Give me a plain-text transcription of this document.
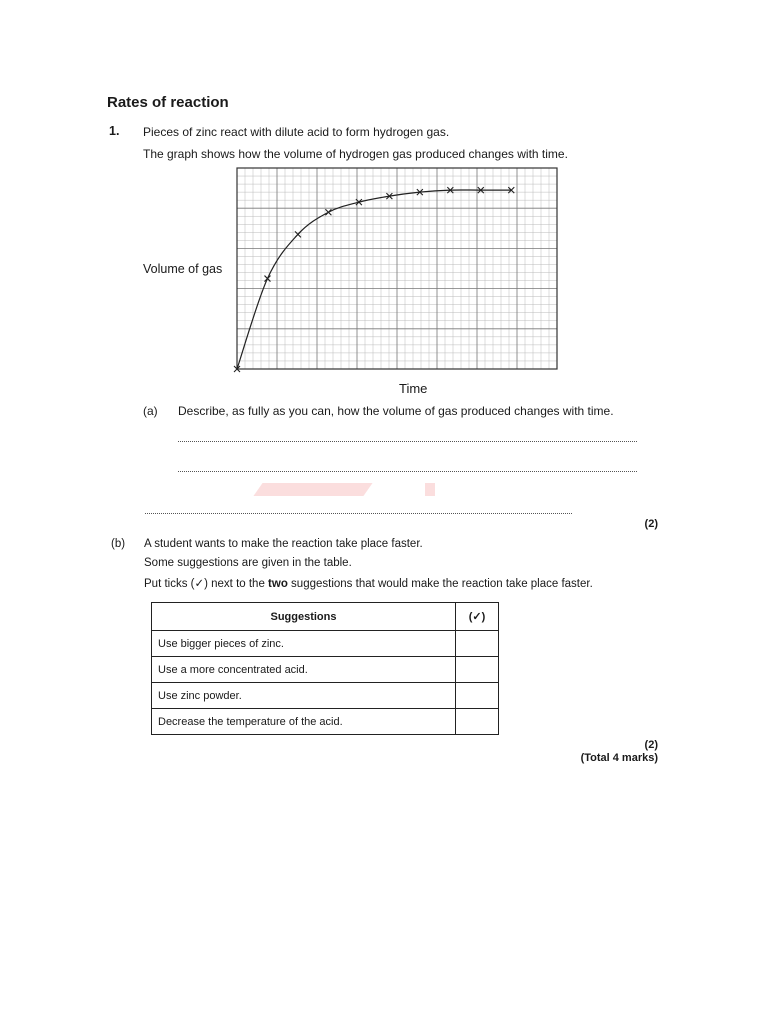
Rates of reaction
1. Pieces of zinc react with dilute acid to form hydrogen gas.
The graph shows how the volume of hydrogen gas produced changes with time.
Volume of gas
Time
(a) Describe, as fully as you can, how the volume of gas produced changes with time.
(2)
(b) A student wants to make the reaction take place faster.
Some suggestions are given in the table.
Put ticks (✓) next to the two suggestions that would make the reaction take place faster.
Suggestions	(✓)
Use bigger pieces of zinc.	
Use a more concentrated acid.	
Use zinc powder.	
Decrease the temperature of the acid.	
(2)
(Total 4 marks)
